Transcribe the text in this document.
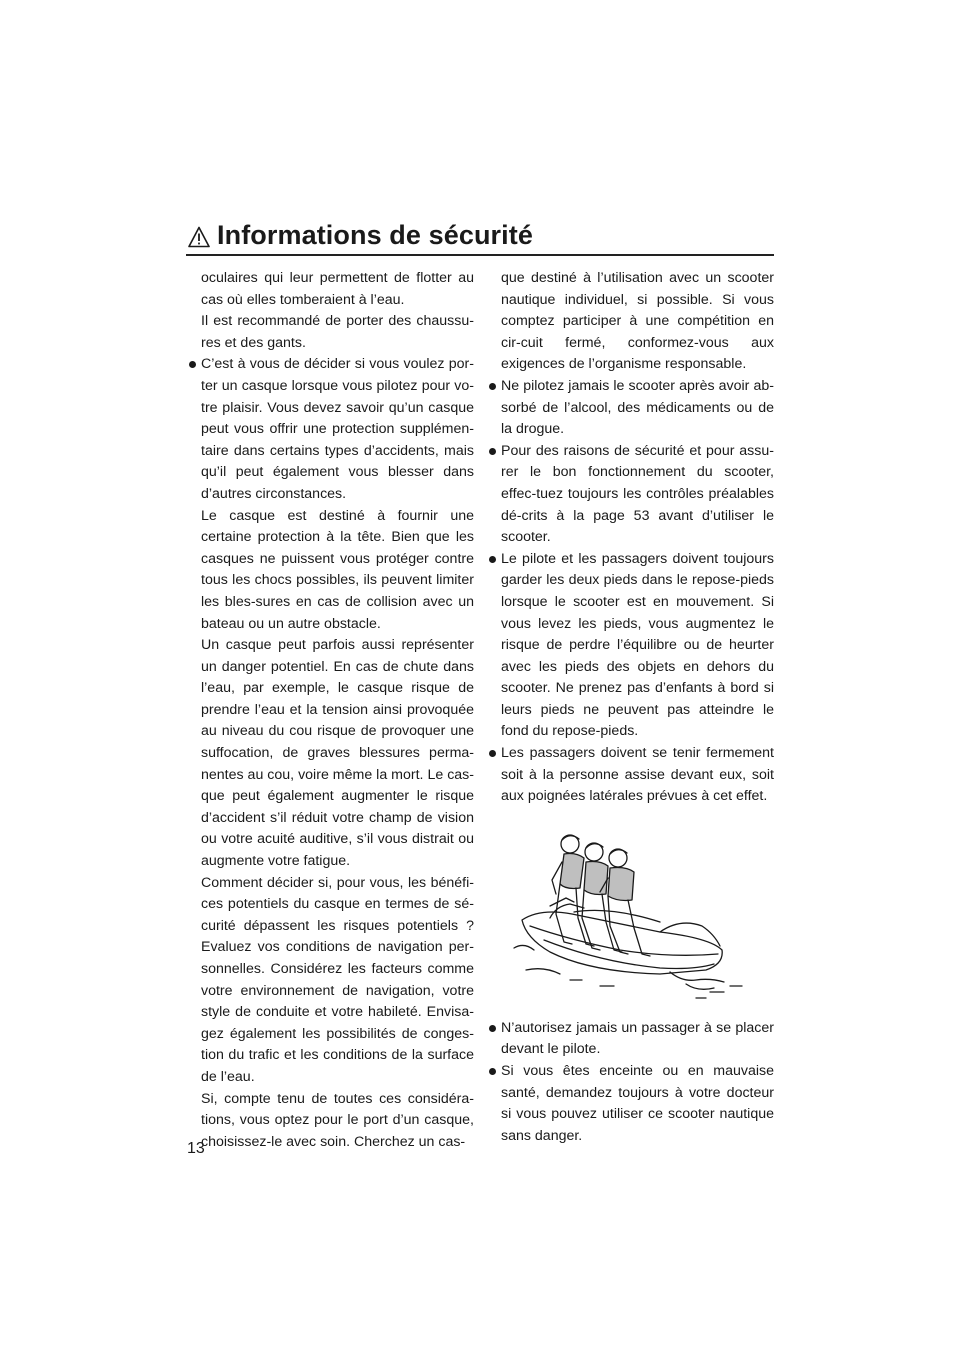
Informations de sécurité

oculaires qui leur permettent de flotter au cas où elles tomberaient à l’eau.

Il est recommandé de porter des chaussu-res et des gants.

C’est à vous de décider si vous voulez por-ter un casque lorsque vous pilotez pour vo-tre plaisir. Vous devez savoir qu’un casque peut vous offrir une protection supplémen-taire dans certains types d’accidents, mais qu’il peut également vous blesser dans d’autres circonstances.

Le casque est destiné à fournir une certaine protection à la tête. Bien que les casques ne puissent vous protéger contre tous les chocs possibles, ils peuvent limiter les bles-sures en cas de collision avec un bateau ou un autre obstacle.

Un casque peut parfois aussi représenter un danger potentiel. En cas de chute dans l’eau, par exemple, le casque risque de prendre l’eau et la tension ainsi provoquée au niveau du cou risque de provoquer une suffocation, de graves blessures perma-nentes au cou, voire même la mort. Le cas-que peut également augmenter le risque d’accident s’il réduit votre champ de vision ou votre acuité auditive, s’il vous distrait ou augmente votre fatigue.

Comment décider si, pour vous, les bénéfi-ces potentiels du casque en termes de sé-curité dépassent les risques potentiels ? Evaluez vos conditions de navigation per-sonnelles. Considérez les facteurs comme votre environnement de navigation, votre style de conduite et votre habileté. Envisa-gez également les possibilités de conges-tion du trafic et les conditions de la surface de l’eau.

Si, compte tenu de toutes ces considéra-tions, vous optez pour le port d’un casque, choisissez-le avec soin. Cherchez un cas-

que destiné à l’utilisation avec un scooter nautique individuel, si possible. Si vous comptez participer à une compétition en cir-cuit fermé, conformez-vous aux exigences de l’organisme responsable.

Ne pilotez jamais le scooter après avoir ab-sorbé de l’alcool, des médicaments ou de la drogue.

Pour des raisons de sécurité et pour assu-rer le bon fonctionnement du scooter, effec-tuez toujours les contrôles préalables dé-crits à la page 53 avant d’utiliser le scooter.

Le pilote et les passagers doivent toujours garder les deux pieds dans le repose-pieds lorsque le scooter est en mouvement. Si vous levez les pieds, vous augmentez le risque de perdre l’équilibre ou de heurter avec les pieds des objets en dehors du scooter. Ne prenez pas d’enfants à bord si leurs pieds ne peuvent pas atteindre le fond du repose-pieds.

Les passagers doivent se tenir fermement soit à la personne assise devant eux, soit aux poignées latérales prévues à cet effet.

N’autorisez jamais un passager à se placer devant le pilote.

Si vous êtes enceinte ou en mauvaise santé, demandez toujours à votre docteur si vous pouvez utiliser ce scooter nautique sans danger.

13
